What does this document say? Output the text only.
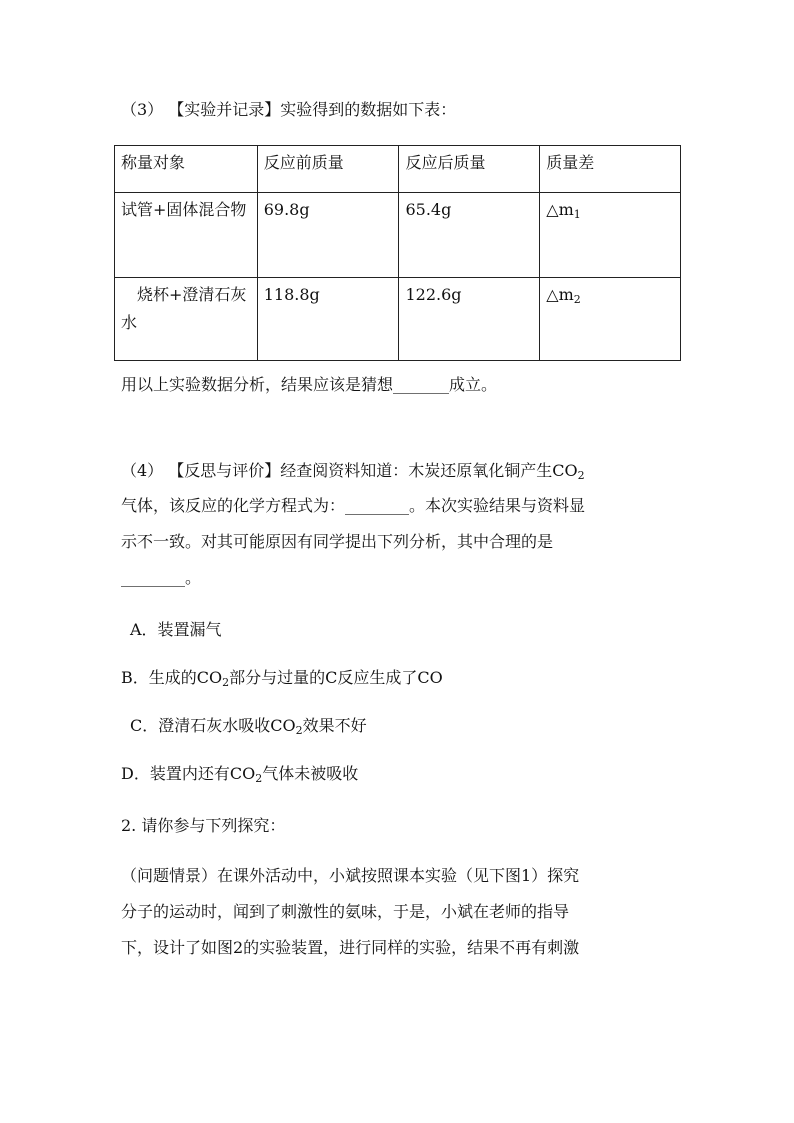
（3） 【实验并记录】实验得到的数据如下表：
称量对象	反应前质量	反应后质量	质量差
试管+固体混合物	69.8g	65.4g	$\triangle m_1$
烧杯+澄清石灰水	118.8g	122.6g	$\triangle m_2$
用以上实验数据分析，结果应该是猜想_______成立。
（4） 【反思与评价】经查阅资料知道：木炭还原氧化铜产生$CO_2$
气体，该反应的化学方程式为：________。本次实验结果与资料显
示不一致。对其可能原因有同学提出下列分析，其中合理的是
________。
A．装置漏气
B．生成的$CO_2$部分与过量的C反应生成了CO
C．澄清石灰水吸收$CO_2$效果不好
D．装置内还有$CO_2$气体未被吸收
2. 请你参与下列探究：
（问题情景）在课外活动中，小斌按照课本实验（见下图1）探究
分子的运动时，闻到了刺激性的氨味，于是，小斌在老师的指导
下，设计了如图2的实验装置，进行同样的实验，结果不再有刺激
